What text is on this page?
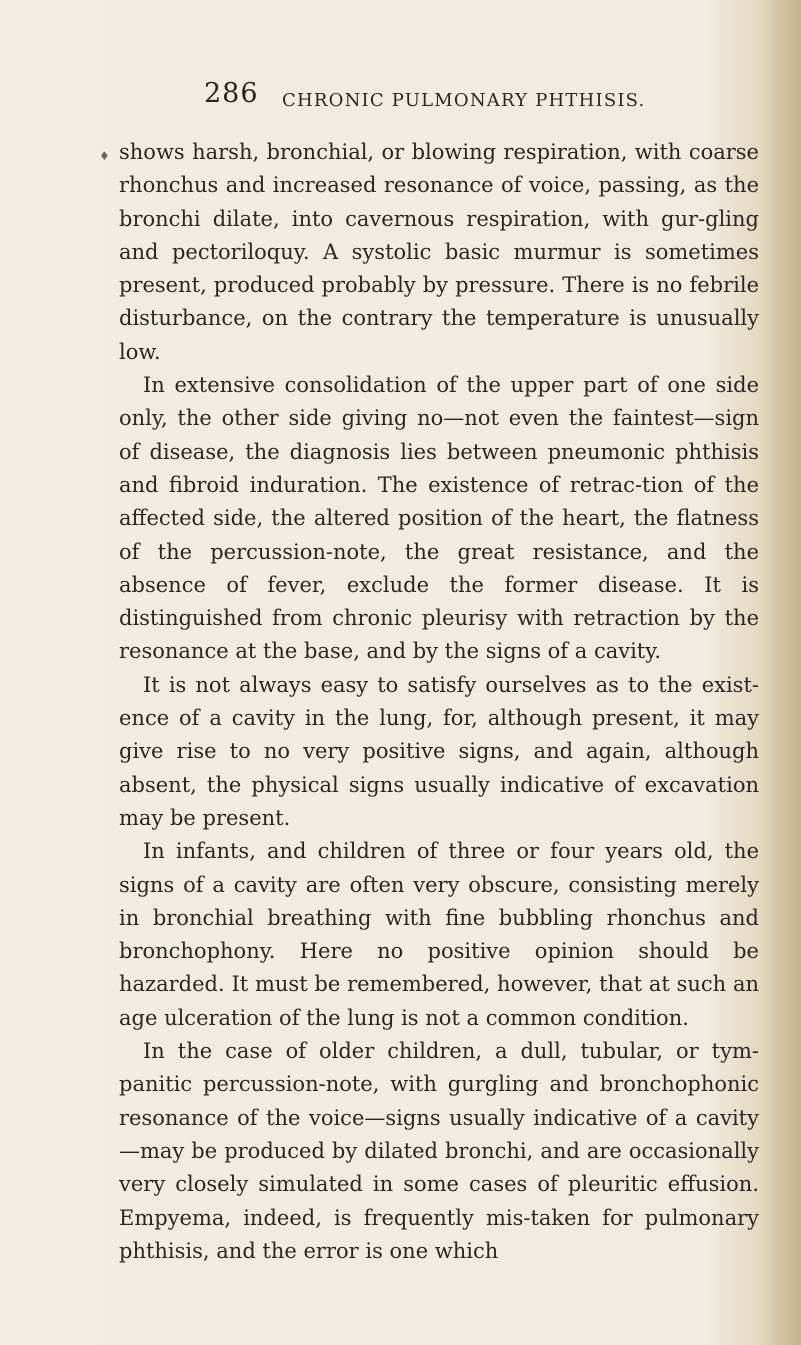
286 CHRONIC PULMONARY PHTHISIS.
♦ shows harsh, bronchial, or blowing respiration, with coarse rhonchus and increased resonance of voice, passing, as the bronchi dilate, into cavernous respiration, with gur-gling and pectoriloquy. A systolic basic murmur is sometimes present, produced probably by pressure. There is no febrile disturbance, on the contrary the temperature is unusually low.

In extensive consolidation of the upper part of one side only, the other side giving no—not even the faintest—sign of disease, the diagnosis lies between pneumonic phthisis and fibroid induration. The existence of retrac-tion of the affected side, the altered position of the heart, the flatness of the percussion-note, the great resistance, and the absence of fever, exclude the former disease. It is distinguished from chronic pleurisy with retraction by the resonance at the base, and by the signs of a cavity.

It is not always easy to satisfy ourselves as to the exist-ence of a cavity in the lung, for, although present, it may give rise to no very positive signs, and again, although absent, the physical signs usually indicative of excavation may be present.

In infants, and children of three or four years old, the signs of a cavity are often very obscure, consisting merely in bronchial breathing with fine bubbling rhonchus and bronchophony. Here no positive opinion should be hazarded. It must be remembered, however, that at such an age ulceration of the lung is not a common condition.

In the case of older children, a dull, tubular, or tym-panitic percussion-note, with gurgling and bronchophonic resonance of the voice—signs usually indicative of a cavity—may be produced by dilated bronchi, and are occasionally very closely simulated in some cases of pleuritic effusion. Empyema, indeed, is frequently mis-taken for pulmonary phthisis, and the error is one which
